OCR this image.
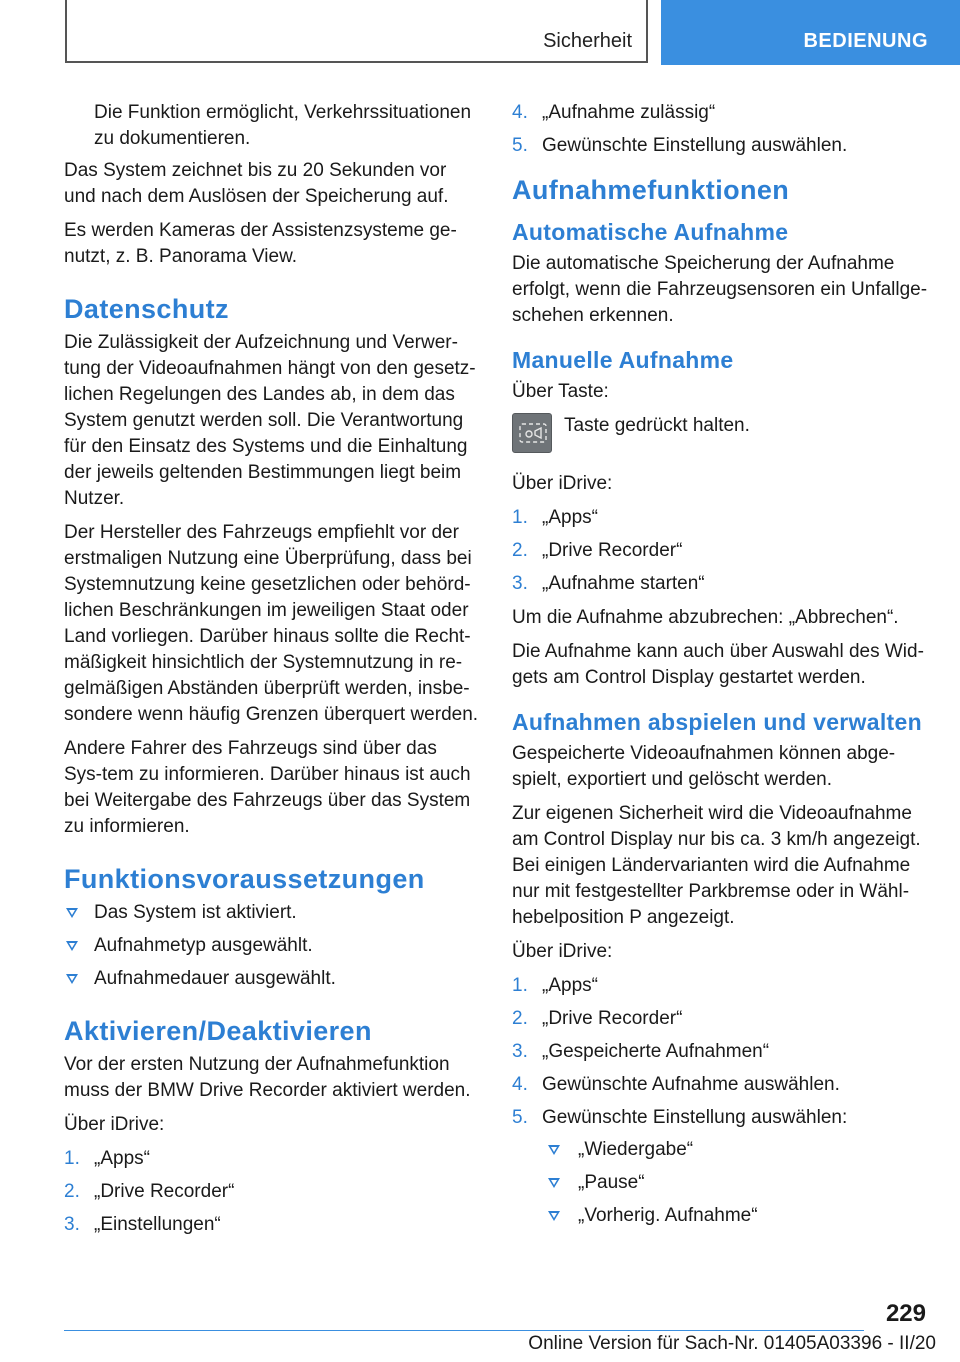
Sicherheit	BEDIENUNG

Die Funktion ermöglicht, Verkehrssituationen zu dokumentieren.

Das System zeichnet bis zu 20 Sekunden vor und nach dem Auslösen der Speicherung auf.

Es werden Kameras der Assistenzsysteme ge-nutzt, z. B. Panorama View.

Datenschutz

Die Zulässigkeit der Aufzeichnung und Verwer-tung der Videoaufnahmen hängt von den gesetz-lichen Regelungen des Landes ab, in dem das System genutzt werden soll. Die Verantwortung für den Einsatz des Systems und die Einhaltung der jeweils geltenden Bestimmungen liegt beim Nutzer.

Der Hersteller des Fahrzeugs empfiehlt vor der erstmaligen Nutzung eine Überprüfung, dass bei Systemnutzung keine gesetzlichen oder behörd-lichen Beschränkungen im jeweiligen Staat oder Land vorliegen. Darüber hinaus sollte die Recht-mäßigkeit hinsichtlich der Systemnutzung in re-gelmäßigen Abständen überprüft werden, insbe-sondere wenn häufig Grenzen überquert werden.

Andere Fahrer des Fahrzeugs sind über das Sys-tem zu informieren. Darüber hinaus ist auch bei Weitergabe des Fahrzeugs über das System zu informieren.

Funktionsvoraussetzungen
Das System ist aktiviert.
Aufnahmetyp ausgewählt.
Aufnahmedauer ausgewählt.
Aktivieren/Deaktivieren

Vor der ersten Nutzung der Aufnahmefunktion muss der BMW Drive Recorder aktiviert werden.

Über iDrive:

1. „Apps“
2. „Drive Recorder“
3. „Einstellungen“
4. „Aufnahme zulässig“
5. Gewünschte Einstellung auswählen.
Aufnahmefunktionen
Automatische Aufnahme

Die automatische Speicherung der Aufnahme erfolgt, wenn die Fahrzeugsensoren ein Unfallge-schehen erkennen.

Manuelle Aufnahme

Über Taste:

Taste gedrückt halten.

Über iDrive:

1. „Apps“
2. „Drive Recorder“
3. „Aufnahme starten“

Um die Aufnahme abzubrechen: „Abbrechen“.

Die Aufnahme kann auch über Auswahl des Wid-gets am Control Display gestartet werden.

Aufnahmen abspielen und verwalten

Gespeicherte Videoaufnahmen können abge-spielt, exportiert und gelöscht werden.

Zur eigenen Sicherheit wird die Videoaufnahme am Control Display nur bis ca. 3 km/h angezeigt. Bei einigen Ländervarianten wird die Aufnahme nur mit festgestellter Parkbremse oder in Wähl-hebelposition P angezeigt.

Über iDrive:

1. „Apps“
2. „Drive Recorder“
3. „Gespeicherte Aufnahmen“
4. Gewünschte Aufnahme auswählen.
5. Gewünschte Einstellung auswählen:
„Wiedergabe“
„Pause“
„Vorherig. Aufnahme“
229
Online Version für Sach-Nr. 01405A03396 - II/20
